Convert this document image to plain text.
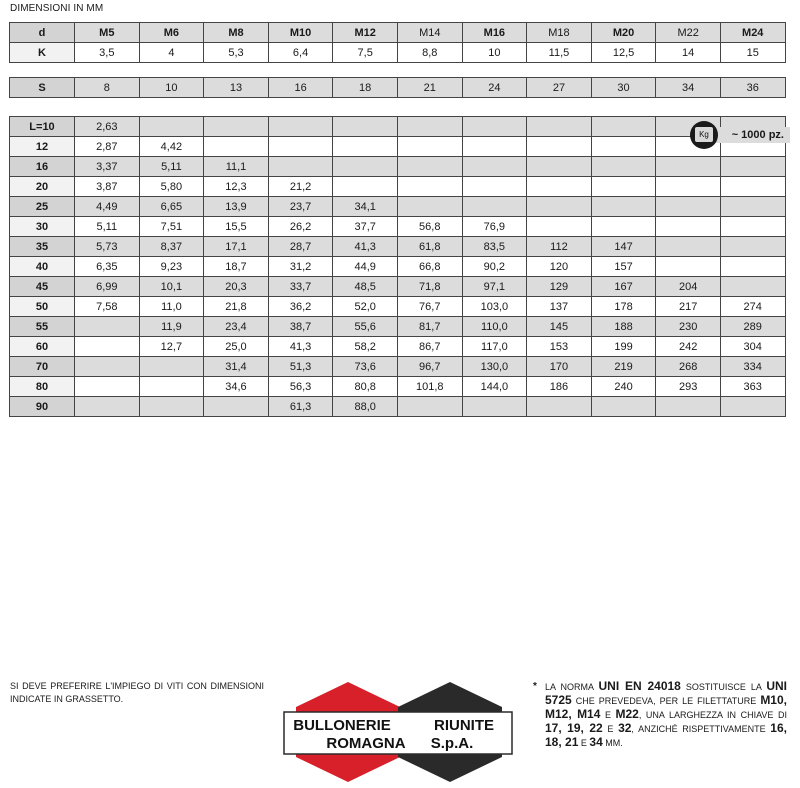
DIMENSIONI IN MM
d	M5	M6	M8	M10	M12	M14	M16	M18	M20	M22	M24
K	3,5	4	5,3	6,4	7,5	8,8	10	11,5	12,5	14	15

S	8	10	13	16	18	21	24	27	30	34	36
L=10	2,63										
12	2,87	4,42									
16	3,37	5,11	11,1								
20	3,87	5,80	12,3	21,2							
25	4,49	6,65	13,9	23,7	34,1						
30	5,11	7,51	15,5	26,2	37,7	56,8	76,9				
35	5,73	8,37	17,1	28,7	41,3	61,8	83,5	112	147		
40	6,35	9,23	18,7	31,2	44,9	66,8	90,2	120	157		
45	6,99	10,1	20,3	33,7	48,5	71,8	97,1	129	167	204	
50	7,58	11,0	21,8	36,2	52,0	76,7	103,0	137	178	217	274
55		11,9	23,4	38,7	55,6	81,7	110,0	145	188	230	289
60		12,7	25,0	41,3	58,2	86,7	117,0	153	199	242	304
70			31,4	51,3	73,6	96,7	130,0	170	219	268	334
80			34,6	56,3	80,8	101,8	144,0	186	240	293	363
90				61,3	88,0						
~ 1000 pz.
Kg
SI DEVE PREFERIRE L'IMPIEGO DI VITI CON DIMENSIONI INDICATE IN GRASSETTO.
BULLONERIE	RIUNITE
ROMAGNA S.p.A.
* LA NORMA UNI EN 24018 SOSTITUISCE LA UNI 5725 CHE PREVEDEVA, PER LE FILETTATURE M10, M12, M14 E M22, UNA LARGHEZZA IN CHIAVE DI 17, 19, 22 E 32, ANZICHÉ RISPETTIVAMENTE 16, 18, 21 E 34 MM.
